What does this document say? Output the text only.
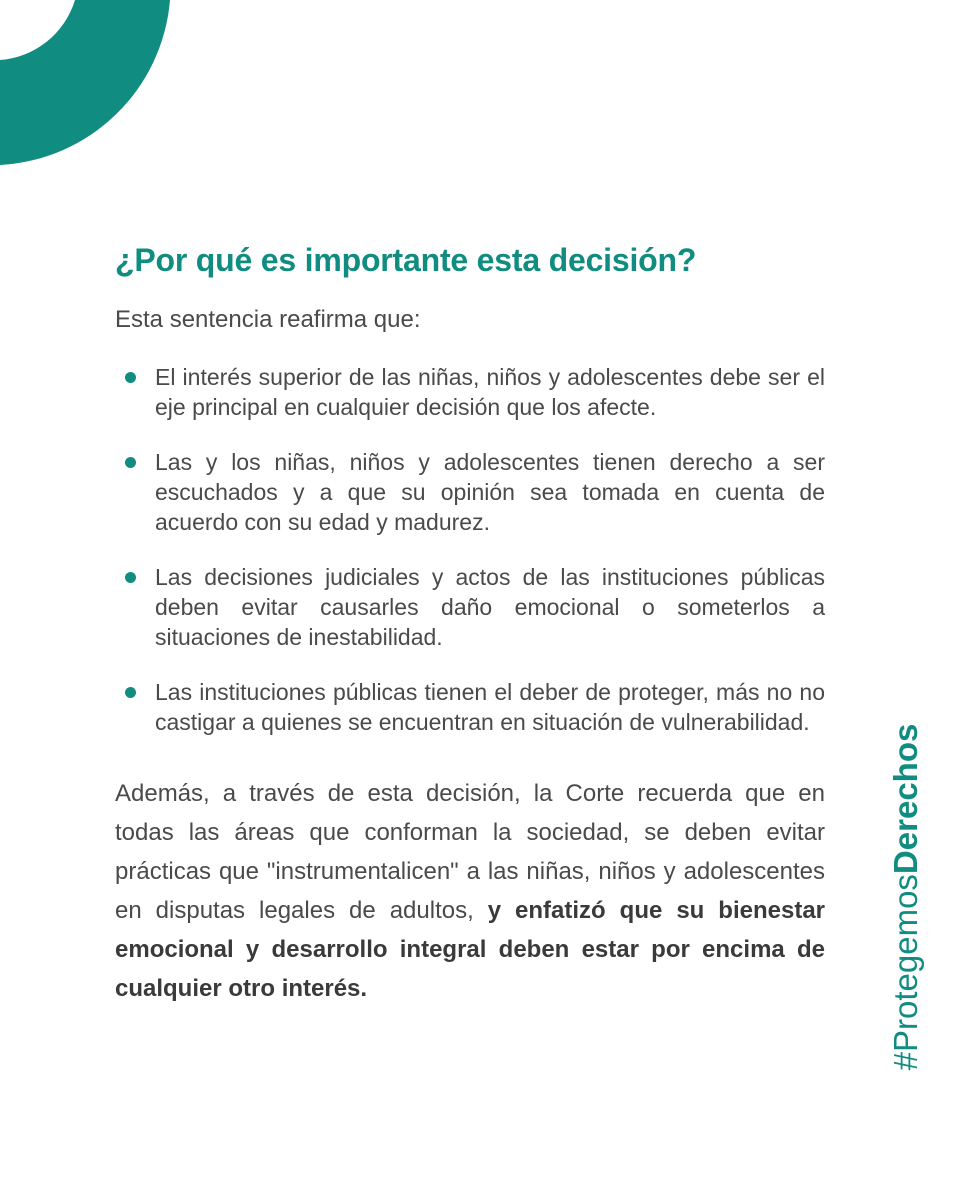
¿Por qué es importante esta decisión?

Esta sentencia reafirma que:

El interés superior de las niñas, niños y adolescentes debe ser el eje principal en cualquier decisión que los afecte.
Las y los niñas, niños y adolescentes tienen derecho a ser escuchados y a que su opinión sea tomada en cuenta de acuerdo con su edad y madurez.
Las decisiones judiciales y actos de las instituciones públicas deben evitar causarles daño emocional o someterlos a situaciones de inestabilidad.
Las instituciones públicas tienen el deber de proteger, más no no castigar a quienes se encuentran en situación de vulnerabilidad.

Además, a través de esta decisión, la Corte recuerda que en todas las áreas que conforman la sociedad, se deben evitar prácticas que "instrumentalicen" a las niñas, niños y adolescentes en disputas legales de adultos, y enfatizó que su bienestar emocional y desarrollo integral deben estar por encima de cualquier otro interés.	#ProtegemosDerechos
